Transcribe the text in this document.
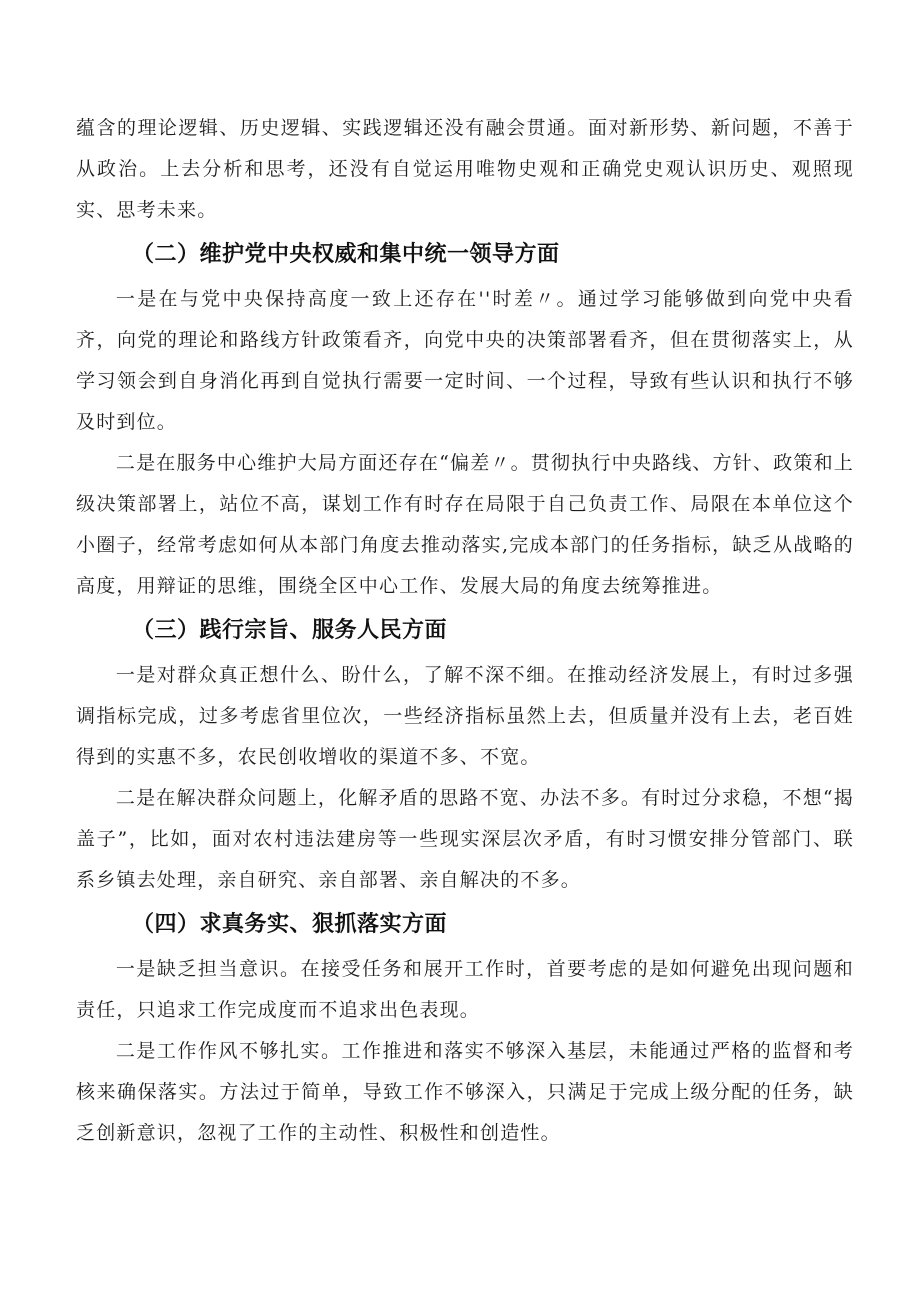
蕴含的理论逻辑、历史逻辑、实践逻辑还没有融会贯通。面对新形势、新问题，不善于从政治。上去分析和思考，还没有自觉运用唯物史观和正确党史观认识历史、观照现实、思考未来。

（二）维护党中央权威和集中统一领导方面

一是在与党中央保持高度一致上还存在''时差〃。通过学习能够做到向党中央看齐，向党的理论和路线方针政策看齐，向党中央的决策部署看齐，但在贯彻落实上，从学习领会到自身消化再到自觉执行需要一定时间、一个过程，导致有些认识和执行不够及时到位。

二是在服务中心维护大局方面还存在“偏差〃。贯彻执行中央路线、方针、政策和上级决策部署上，站位不高，谋划工作有时存在局限于自己负责工作、局限在本单位这个小圈子，经常考虑如何从本部门角度去推动落实,完成本部门的任务指标，缺乏从战略的高度，用辩证的思维，围绕全区中心工作、发展大局的角度去统筹推进。

（三）践行宗旨、服务人民方面

一是对群众真正想什么、盼什么，了解不深不细。在推动经济发展上，有时过多强调指标完成，过多考虑省里位次，一些经济指标虽然上去，但质量并没有上去，老百姓得到的实惠不多，农民创收增收的渠道不多、不宽。

二是在解决群众问题上，化解矛盾的思路不宽、办法不多。有时过分求稳，不想“揭盖子”，比如，面对农村违法建房等一些现实深层次矛盾，有时习惯安排分管部门、联系乡镇去处理，亲自研究、亲自部署、亲自解决的不多。

（四）求真务实、狠抓落实方面

一是缺乏担当意识。在接受任务和展开工作时，首要考虑的是如何避免出现问题和责任，只追求工作完成度而不追求出色表现。

二是工作作风不够扎实。工作推进和落实不够深入基层，未能通过严格的监督和考核来确保落实。方法过于简单，导致工作不够深入，只满足于完成上级分配的任务，缺乏创新意识，忽视了工作的主动性、积极性和创造性。
